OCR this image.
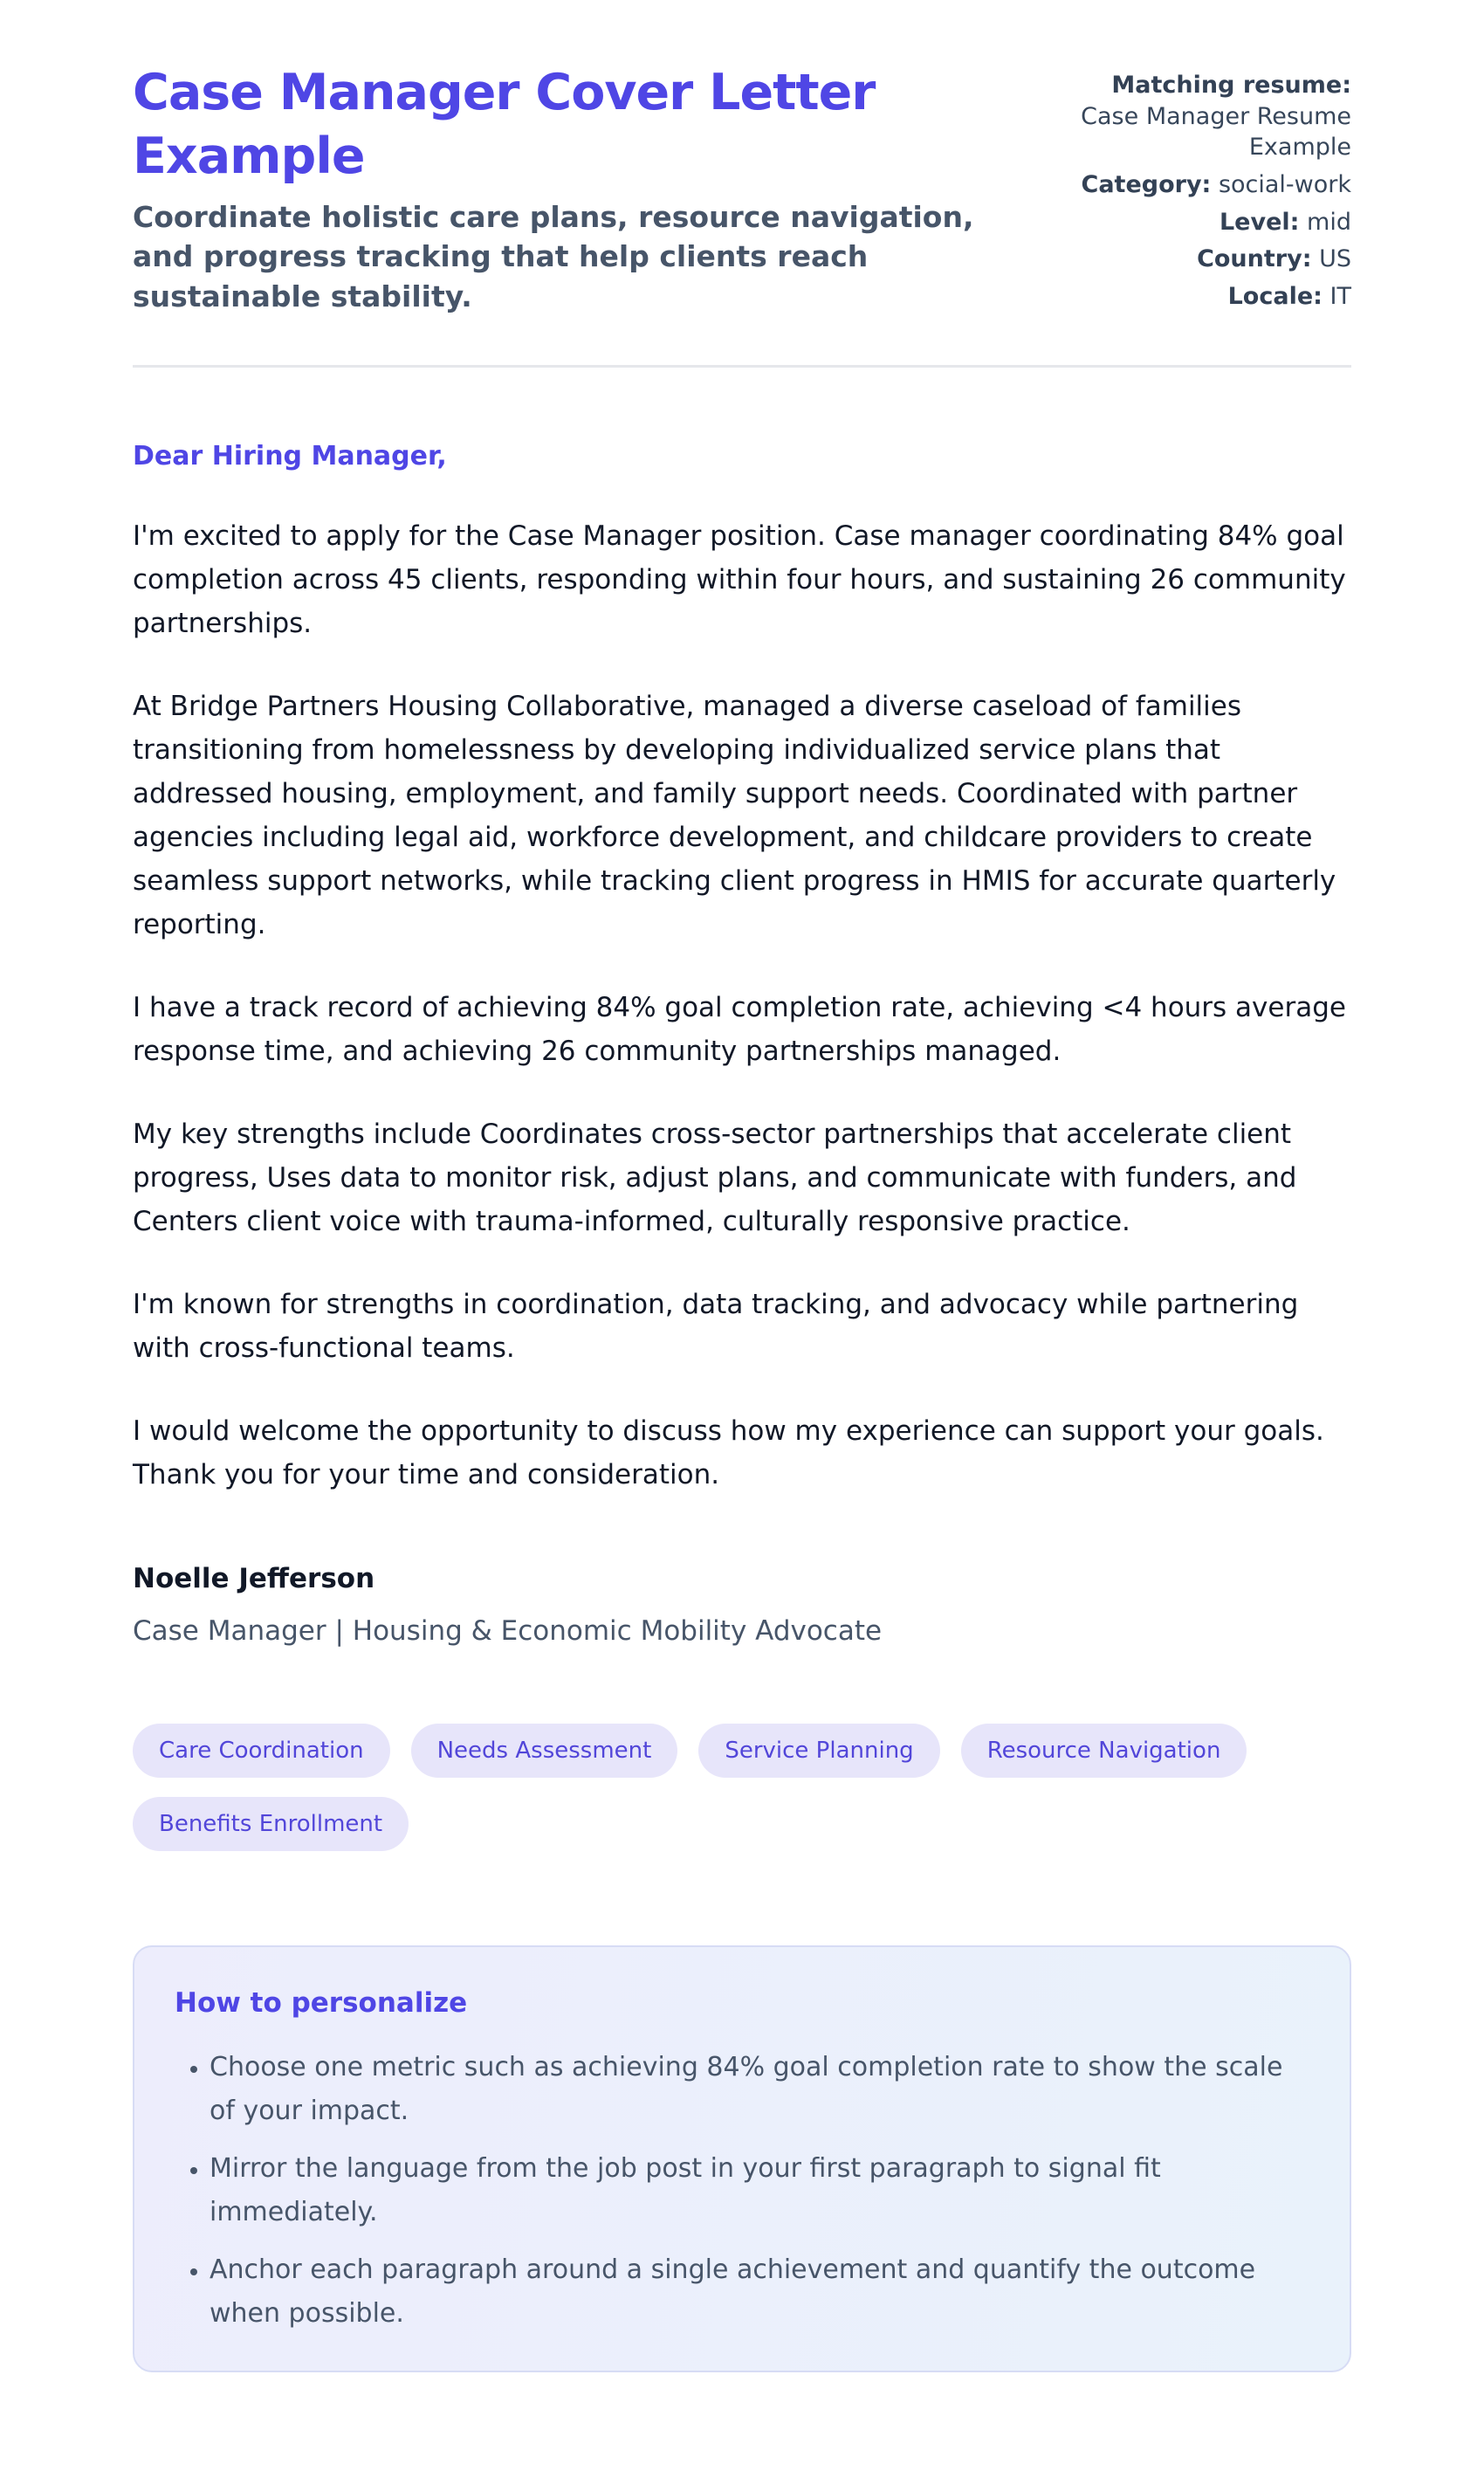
Case Manager Cover Letter Example

Coordinate holistic care plans, resource navigation, and progress tracking that help clients reach sustainable stability.

Matching resume: Case Manager Resume Example
Category: social-work
Level: mid
Country: US
Locale: IT

Dear Hiring Manager,

I'm excited to apply for the Case Manager position. Case manager coordinating 84% goal completion across 45 clients, responding within four hours, and sustaining 26 community partnerships.

At Bridge Partners Housing Collaborative, managed a diverse caseload of families transitioning from homelessness by developing individualized service plans that addressed housing, employment, and family support needs. Coordinated with partner agencies including legal aid, workforce development, and childcare providers to create seamless support networks, while tracking client progress in HMIS for accurate quarterly reporting.

I have a track record of achieving 84% goal completion rate, achieving <4 hours average response time, and achieving 26 community partnerships managed.

My key strengths include Coordinates cross-sector partnerships that accelerate client progress, Uses data to monitor risk, adjust plans, and communicate with funders, and Centers client voice with trauma-informed, culturally responsive practice.

I'm known for strengths in coordination, data tracking, and advocacy while partnering with cross-functional teams.

I would welcome the opportunity to discuss how my experience can support your goals. Thank you for your time and consideration.

Noelle Jefferson
Case Manager | Housing & Economic Mobility Advocate
Care Coordination	Needs Assessment	Service Planning	Resource Navigation
Benefits Enrollment
How to personalize
• Choose one metric such as achieving 84% goal completion rate to show the scale of your impact.
• Mirror the language from the job post in your first paragraph to signal fit immediately.
• Anchor each paragraph around a single achievement and quantify the outcome when possible.
